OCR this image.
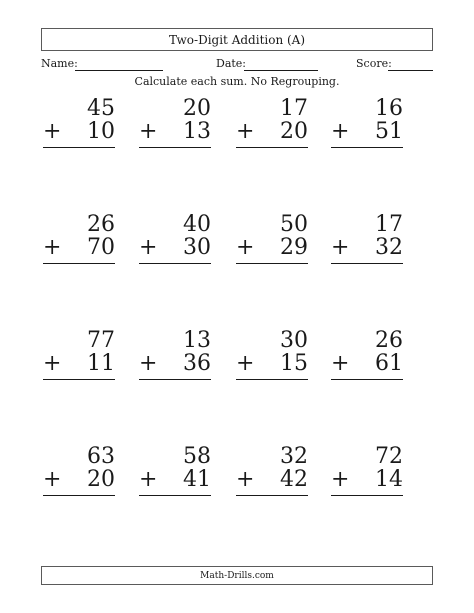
Two-Digit Addition (A)
Name:	Date:	Score:
Calculate each sum. No Regrouping.
45
+ 10
20
+ 13
17
+ 20
16
+ 51
26
+ 70
40
+ 30
50
+ 29
17
+ 32
77
+ 11
13
+ 36
30
+ 15
26
+ 61
63
+ 20
58
+ 41
32
+ 42
72
+ 14
Math-Drills.com
